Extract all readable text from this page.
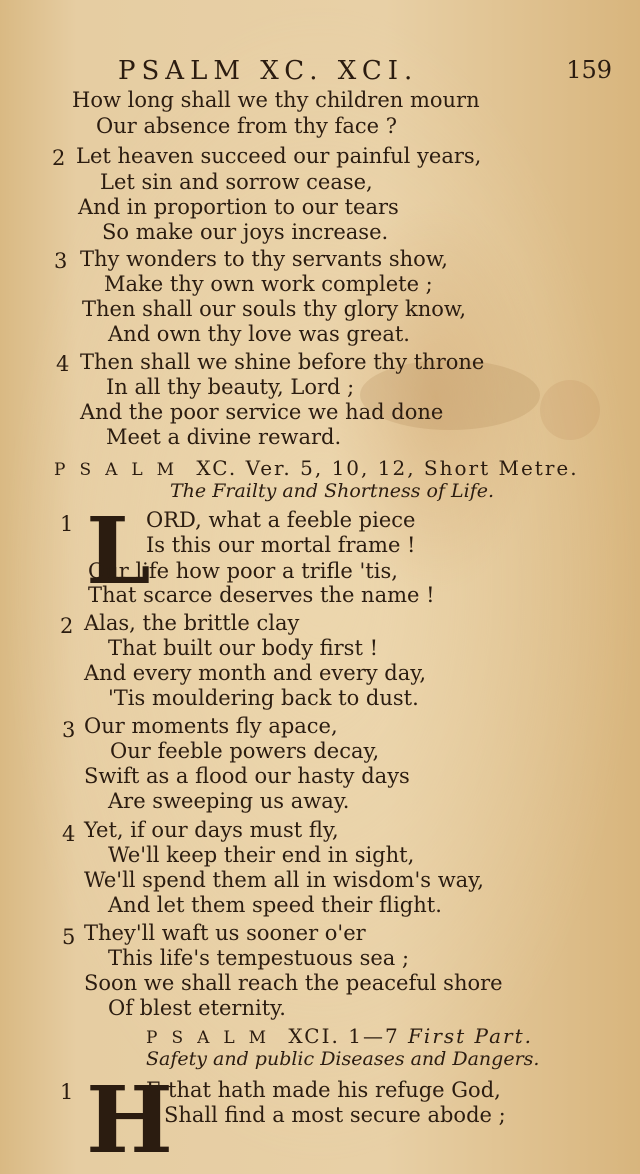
PSALM XC. XCI.	159
How long shall we thy children mourn
Our absence from thy face ?
2 Let heaven succeed our painful years,
Let sin and sorrow cease,
And in proportion to our tears
So make our joys increase.
3 Thy wonders to thy servants show,
Make thy own work complete ;
Then shall our souls thy glory know,
And own thy love was great.
4 Then shall we shine before thy throne
In all thy beauty, Lord ;
And the poor service we had done
Meet a divine reward.
PSALM XC. Ver. 5, 10, 12, Short Metre.
The Frailty and Shortness of Life.
1 L
ORD, what a feeble piece
Is this our mortal frame !
Our life how poor a trifle 'tis,
That scarce deserves the name !
2 Alas, the brittle clay
That built our body first !
And every month and every day,
'Tis mouldering back to dust.
3 Our moments fly apace,
Our feeble powers decay,
Swift as a flood our hasty days
Are sweeping us away.
4 Yet, if our days must fly,
We'll keep their end in sight,
We'll spend them all in wisdom's way,
And let them speed their flight.
5 They'll waft us sooner o'er
This life's tempestuous sea ;
Soon we shall reach the peaceful shore
Of blest eternity.
PSALM XCI. 1—7 First Part.
Safety and public Diseases and Dangers.
1 H
E that hath made his refuge God,
Shall find a most secure abode ;
